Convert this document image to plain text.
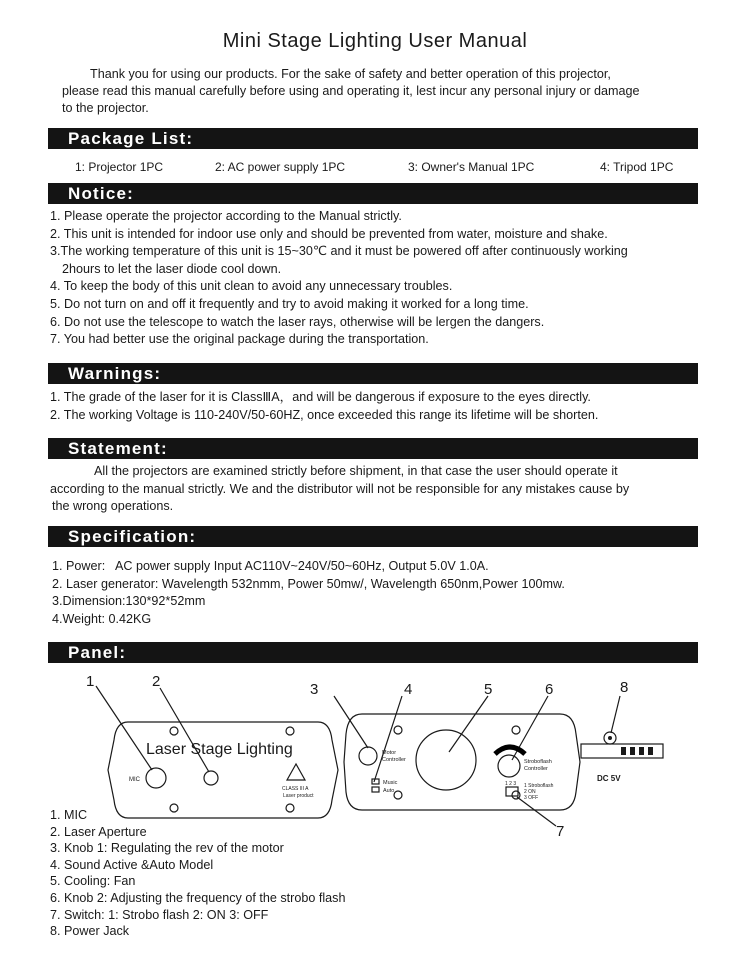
Mini Stage Lighting User Manual

Thank you for using our products. For the sake of safety and better operation of this projector,

please read this manual carefully before using and operating it, lest incur any personal injury or damage

to the projector.

Package List:
1: Projector 1PC	2: AC power supply 1PC	3: Owner's Manual 1PC	4: Tripod 1PC
Notice:
1. Please operate the projector according to the Manual strictly.
2. This unit is intended for indoor use only and should be prevented from water, moisture and shake.
3.The working temperature of this unit is 15~30℃ and it must be powered off after continuously working
2hours to let the laser diode cool down.
4. To keep the body of this unit clean to avoid any unnecessary troubles.
5. Do not turn on and off it frequently and try to avoid making it worked for a long time.
6. Do not use the telescope to watch the laser rays, otherwise will be lergen the dangers.
7. You had better use the original package during the transportation.
Warnings:
1. The grade of the laser for it is ClassⅢA，and will be dangerous if exposure to the eyes directly.
2. The working Voltage is 110-240V/50-60HZ, once exceeded this range its lifetime will be shorten.
Statement:

All the projectors are examined strictly before shipment, in that case the user should operate it

according to the manual strictly. We and the distributor will not be responsible for any mistakes cause by

the wrong operations.

Specification:
1. Power:   AC power supply Input AC110V~240V/50~60Hz, Output 5.0V 1.0A.
2. Laser generator: Wavelength 532nmm, Power 50mw/, Wavelength 650nm,Power 100mw.
3.Dimension:130*92*52mm
4.Weight: 0.42KG
Panel:
1	2	3	4	5	6	8
7
Laser Stage Lighting
MIC
CLASS III A
Laser product
Motor
Controller
Music
Auto
Stroboflash
Controller
1 2 3 1 Stroboflash
2 ON
3 OFF
DC 5V
1. MIC
2. Laser Aperture
3. Knob 1: Regulating the rev of the motor
4. Sound Active &Auto Model
5. Cooling: Fan
6. Knob 2: Adjusting the frequency of the strobo flash
7. Switch: 1: Strobo flash 2: ON 3: OFF
8. Power Jack
